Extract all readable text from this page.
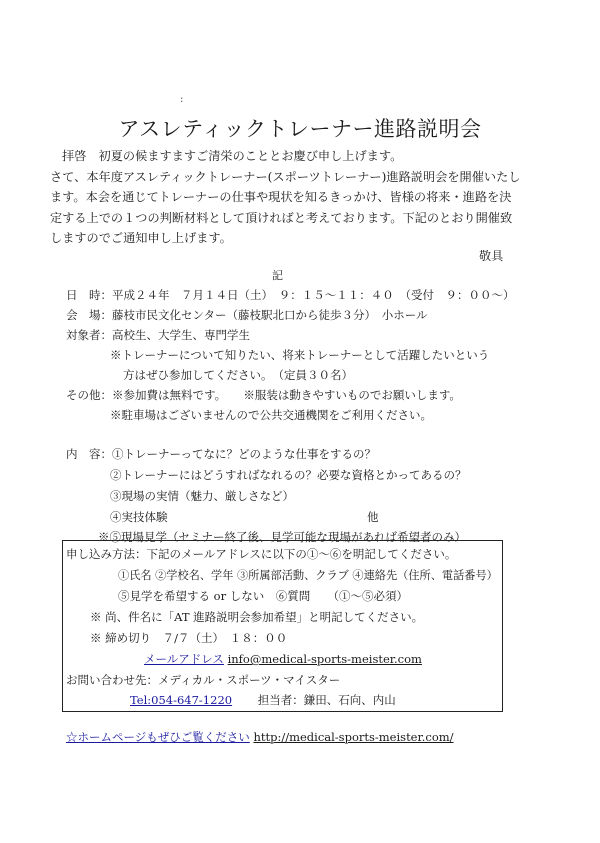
:
アスレティックトレーナー進路説明会
拝啓　初夏の候ますますご清栄のこととお慶び申し上げます。
さて、本年度アスレティックトレーナー(スポーツトレーナー)進路説明会を開催いたし
ます。本会を通じてトレーナーの仕事や現状を知るきっかけ、皆様の将来・進路を決
定する上での１つの判断材料として頂ければと考えております。下記のとおり開催致
しますのでご通知申し上げます。
敬具
記
日　時：平成２４年　７月１４日（土）　９：１５～１１：４０　（受付　９：００～）
会　場：藤枝市民文化センター（藤枝駅北口から徒歩３分）　小ホール
対象者：高校生、大学生、専門学生
※トレーナーについて知りたい、将来トレーナーとして活躍したいという
方はぜひ参加してください。　（定員３０名）
その他：※参加費は無料です。　　※服装は動きやすいものでお願いします。
※駐車場はございませんので公共交通機関をご利用ください。
内　容：①トレーナーってなに？どのような仕事をするの？
②トレーナーにはどうすればなれるの？必要な資格とかってあるの？
③現場の実情（魅力、厳しさなど）
④実技体験	他
※⑤現場見学（セミナー終了後、見学可能な現場があれば希望者のみ）
申し込み方法：下記のメールアドレスに以下の①～⑥を明記してください。
①氏名 ②学校名、学年 ③所属部活動、クラブ ④連絡先（住所、電話番号）
⑤見学を希望する or しない　⑥質問　　（①～⑤必須）
※ 尚、件名に「AT 進路説明会参加希望」と明記してください。
※ 締め切り　７/７（土）　１８：００
メールアドレス info@medical-sports-meister.com
お問い合わせ先：メディカル・スポーツ・マイスター
Tel:054-647-1220 担当者：鎌田、石向、内山
☆ホームページもぜひご覧ください http://medical-sports-meister.com/
